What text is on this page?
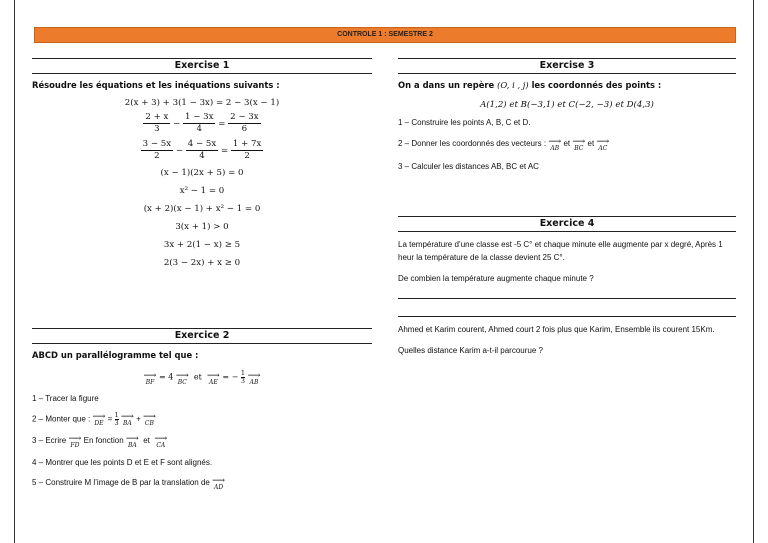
CONTROLE 1 : SEMESTRE 2
Exercise 1
Résoudre les équations et les inéquations suivants :
2(x + 3) + 3(1 − 3x) = 2 − 3(x − 1)
$\frac{2 + x}{3} - \frac{1 - 3x}{4} = \frac{2 - 3x}{6}$
$\frac{3 - 5x}{2} - \frac{4 - 5x}{4} = \frac{1 + 7x}{2}$
(x − 1)(2x + 5) = 0
x² − 1 = 0
(x + 2)(x − 1) + x² − 1 = 0
3(x + 1) > 0
3x + 2(1 − x) ≥ 5
2(3 − 2x) + x ≥ 0
Exercice 2
ABCD un parallélogramme tel que :
⟶ BF
= 4
⟶ BC
et
⟶ AE
= − $\frac{1}{3}$
⟶ AB
1 – Tracer la figure
2 – Monter que :
⟶ DE
= $\frac{1}{3}$
⟶ BA
+
⟶ CB
3 – Ecrire
⟶ FD
En fonction
⟶ BA
et
⟶ CA
4 – Montrer que les points D et E et F sont alignés.
5 – Construire M l’image de B par la translation de
⟶ AD
Exercise 3
On a dans un repère (O, i , j) les coordonnés des points :
A(1,2) et B(−3,1) et C(−2, −3) et D(4,3)
1 – Construire les points A, B, C et D.
2 – Donner les coordonnés des vecteurs :
⟶ AB
et
⟶ BC
et
⟶ AC
3 – Calculer les distances AB, BC et AC
Exercice 4
La température d’une classe est -5 C° et chaque minute elle augmente par x degré, Après 1 heur la température de la classe devient 25 C°.
De combien la température augmente chaque minute ?
Ahmed et Karim courent, Ahmed court 2 fois plus que Karim, Ensemble ils courent 15Km.
Quelles distance Karim a-t-il parcourue ?
